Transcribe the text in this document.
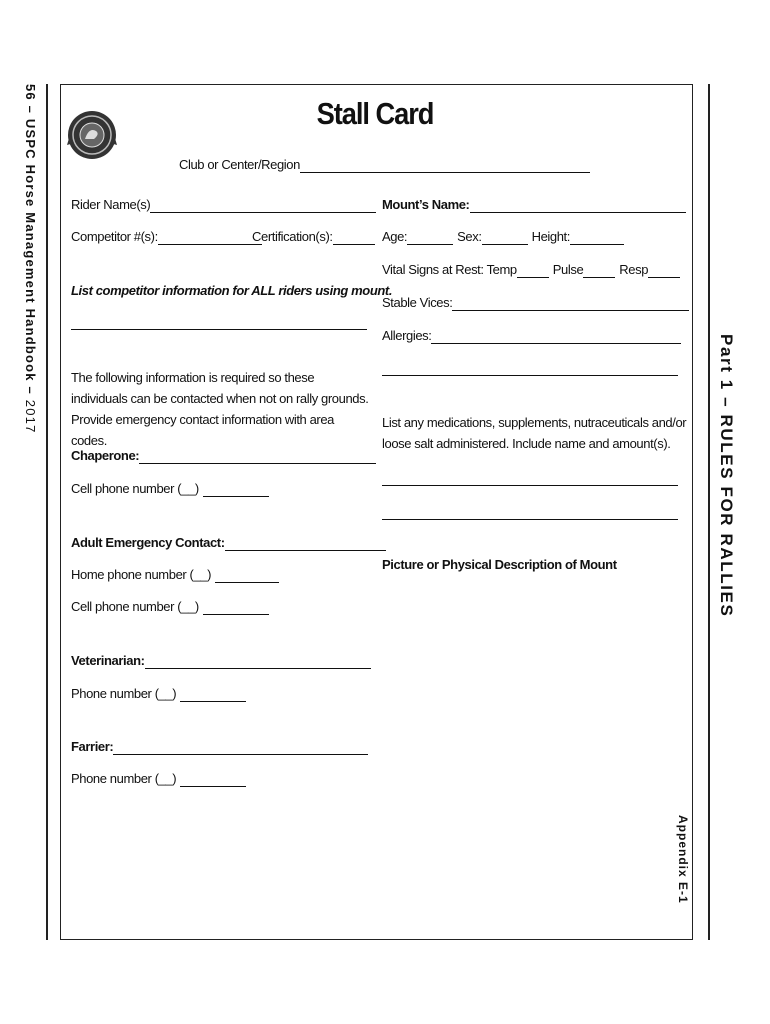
56 – USPC Horse Management Handbook – 2017	Part 1 – RULES FOR RALLIES
Appendix E-1
Stall Card
Club or Center/Region
Rider Name(s)
Competitor #(s):	Certification(s):
List competitor information for ALL riders using mount.
The following information is required so these individuals can be contacted when not on rally grounds. Provide emergency contact information with area codes.
Chaperone:
Cell phone number (__)
Adult Emergency Contact:
Home phone number (__)
Cell phone number (__)
Veterinarian:
Phone number (__)
Farrier:
Phone number (__)
Mount’s Name:
Age:	Sex:	Height:
Vital Signs at Rest: Temp	Pulse	Resp
Stable Vices:
Allergies:
List any medications, supplements, nutraceuticals and/or loose salt administered. Include name and amount(s).
Picture or Physical Description of Mount
